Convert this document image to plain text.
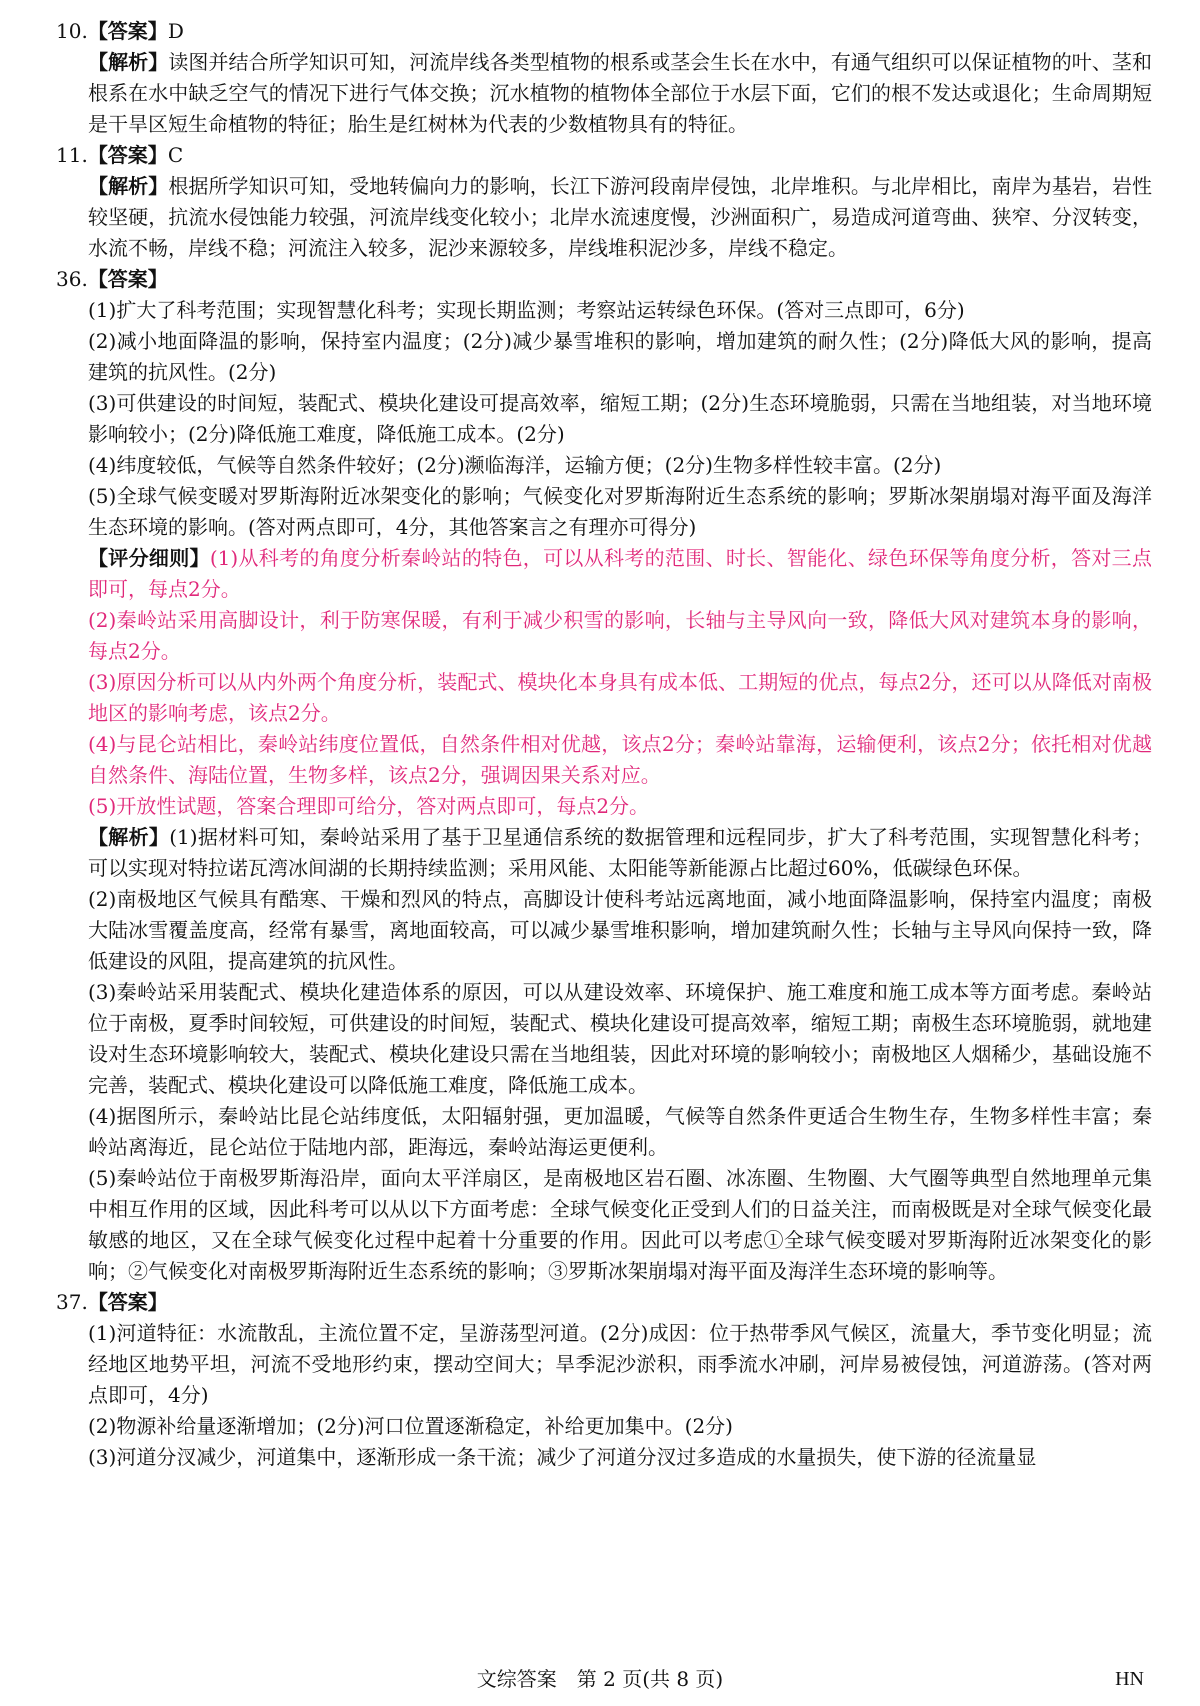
10.【答案】D

【解析】读图并结合所学知识可知，河流岸线各类型植物的根系或茎会生长在水中，有通气组织可以保证植物的叶、茎和根系在水中缺乏空气的情况下进行气体交换；沉水植物的植物体全部位于水层下面，它们的根不发达或退化；生命周期短是干旱区短生命植物的特征；胎生是红树林为代表的少数植物具有的特征。

11.【答案】C

【解析】根据所学知识可知，受地转偏向力的影响，长江下游河段南岸侵蚀，北岸堆积。与北岸相比，南岸为基岩，岩性较坚硬，抗流水侵蚀能力较强，河流岸线变化较小；北岸水流速度慢，沙洲面积广，易造成河道弯曲、狭窄、分汊转变，水流不畅，岸线不稳；河流注入较多，泥沙来源较多，岸线堆积泥沙多，岸线不稳定。

36.【答案】

(1)扩大了科考范围；实现智慧化科考；实现长期监测；考察站运转绿色环保。(答对三点即可，6分)

(2)减小地面降温的影响，保持室内温度；(2分)减少暴雪堆积的影响，增加建筑的耐久性；(2分)降低大风的影响，提高建筑的抗风性。(2分)

(3)可供建设的时间短，装配式、模块化建设可提高效率，缩短工期；(2分)生态环境脆弱，只需在当地组装，对当地环境影响较小；(2分)降低施工难度，降低施工成本。(2分)

(4)纬度较低，气候等自然条件较好；(2分)濒临海洋，运输方便；(2分)生物多样性较丰富。(2分)

(5)全球气候变暖对罗斯海附近冰架变化的影响；气候变化对罗斯海附近生态系统的影响；罗斯冰架崩塌对海平面及海洋生态环境的影响。(答对两点即可，4分，其他答案言之有理亦可得分)

【评分细则】(1)从科考的角度分析秦岭站的特色，可以从科考的范围、时长、智能化、绿色环保等角度分析，答对三点即可，每点2分。

(2)秦岭站采用高脚设计，利于防寒保暖，有利于减少积雪的影响，长轴与主导风向一致，降低大风对建筑本身的影响，每点2分。

(3)原因分析可以从内外两个角度分析，装配式、模块化本身具有成本低、工期短的优点，每点2分，还可以从降低对南极地区的影响考虑，该点2分。

(4)与昆仑站相比，秦岭站纬度位置低，自然条件相对优越，该点2分；秦岭站靠海，运输便利，该点2分；依托相对优越自然条件、海陆位置，生物多样，该点2分，强调因果关系对应。

(5)开放性试题，答案合理即可给分，答对两点即可，每点2分。

【解析】(1)据材料可知，秦岭站采用了基于卫星通信系统的数据管理和远程同步，扩大了科考范围，实现智慧化科考；可以实现对特拉诺瓦湾冰间湖的长期持续监测；采用风能、太阳能等新能源占比超过60%，低碳绿色环保。

(2)南极地区气候具有酷寒、干燥和烈风的特点，高脚设计使科考站远离地面，减小地面降温影响，保持室内温度；南极大陆冰雪覆盖度高，经常有暴雪，离地面较高，可以减少暴雪堆积影响，增加建筑耐久性；长轴与主导风向保持一致，降低建设的风阻，提高建筑的抗风性。

(3)秦岭站采用装配式、模块化建造体系的原因，可以从建设效率、环境保护、施工难度和施工成本等方面考虑。秦岭站位于南极，夏季时间较短，可供建设的时间短，装配式、模块化建设可提高效率，缩短工期；南极生态环境脆弱，就地建设对生态环境影响较大，装配式、模块化建设只需在当地组装，因此对环境的影响较小；南极地区人烟稀少，基础设施不完善，装配式、模块化建设可以降低施工难度，降低施工成本。

(4)据图所示，秦岭站比昆仑站纬度低，太阳辐射强，更加温暖，气候等自然条件更适合生物生存，生物多样性丰富；秦岭站离海近，昆仑站位于陆地内部，距海远，秦岭站海运更便利。

(5)秦岭站位于南极罗斯海沿岸，面向太平洋扇区，是南极地区岩石圈、冰冻圈、生物圈、大气圈等典型自然地理单元集中相互作用的区域，因此科考可以从以下方面考虑：全球气候变化正受到人们的日益关注，而南极既是对全球气候变化最敏感的地区，又在全球气候变化过程中起着十分重要的作用。因此可以考虑①全球气候变暖对罗斯海附近冰架变化的影响；②气候变化对南极罗斯海附近生态系统的影响；③罗斯冰架崩塌对海平面及海洋生态环境的影响等。

37.【答案】

(1)河道特征：水流散乱，主流位置不定，呈游荡型河道。(2分)成因：位于热带季风气候区，流量大，季节变化明显；流经地区地势平坦，河流不受地形约束，摆动空间大；旱季泥沙淤积，雨季流水冲刷，河岸易被侵蚀，河道游荡。(答对两点即可，4分)

(2)物源补给量逐渐增加；(2分)河口位置逐渐稳定，补给更加集中。(2分)

(3)河道分汊减少，河道集中，逐渐形成一条干流；减少了河道分汊过多造成的水量损失，使下游的径流量显

文综答案　第 2 页(共 8 页)	HN
